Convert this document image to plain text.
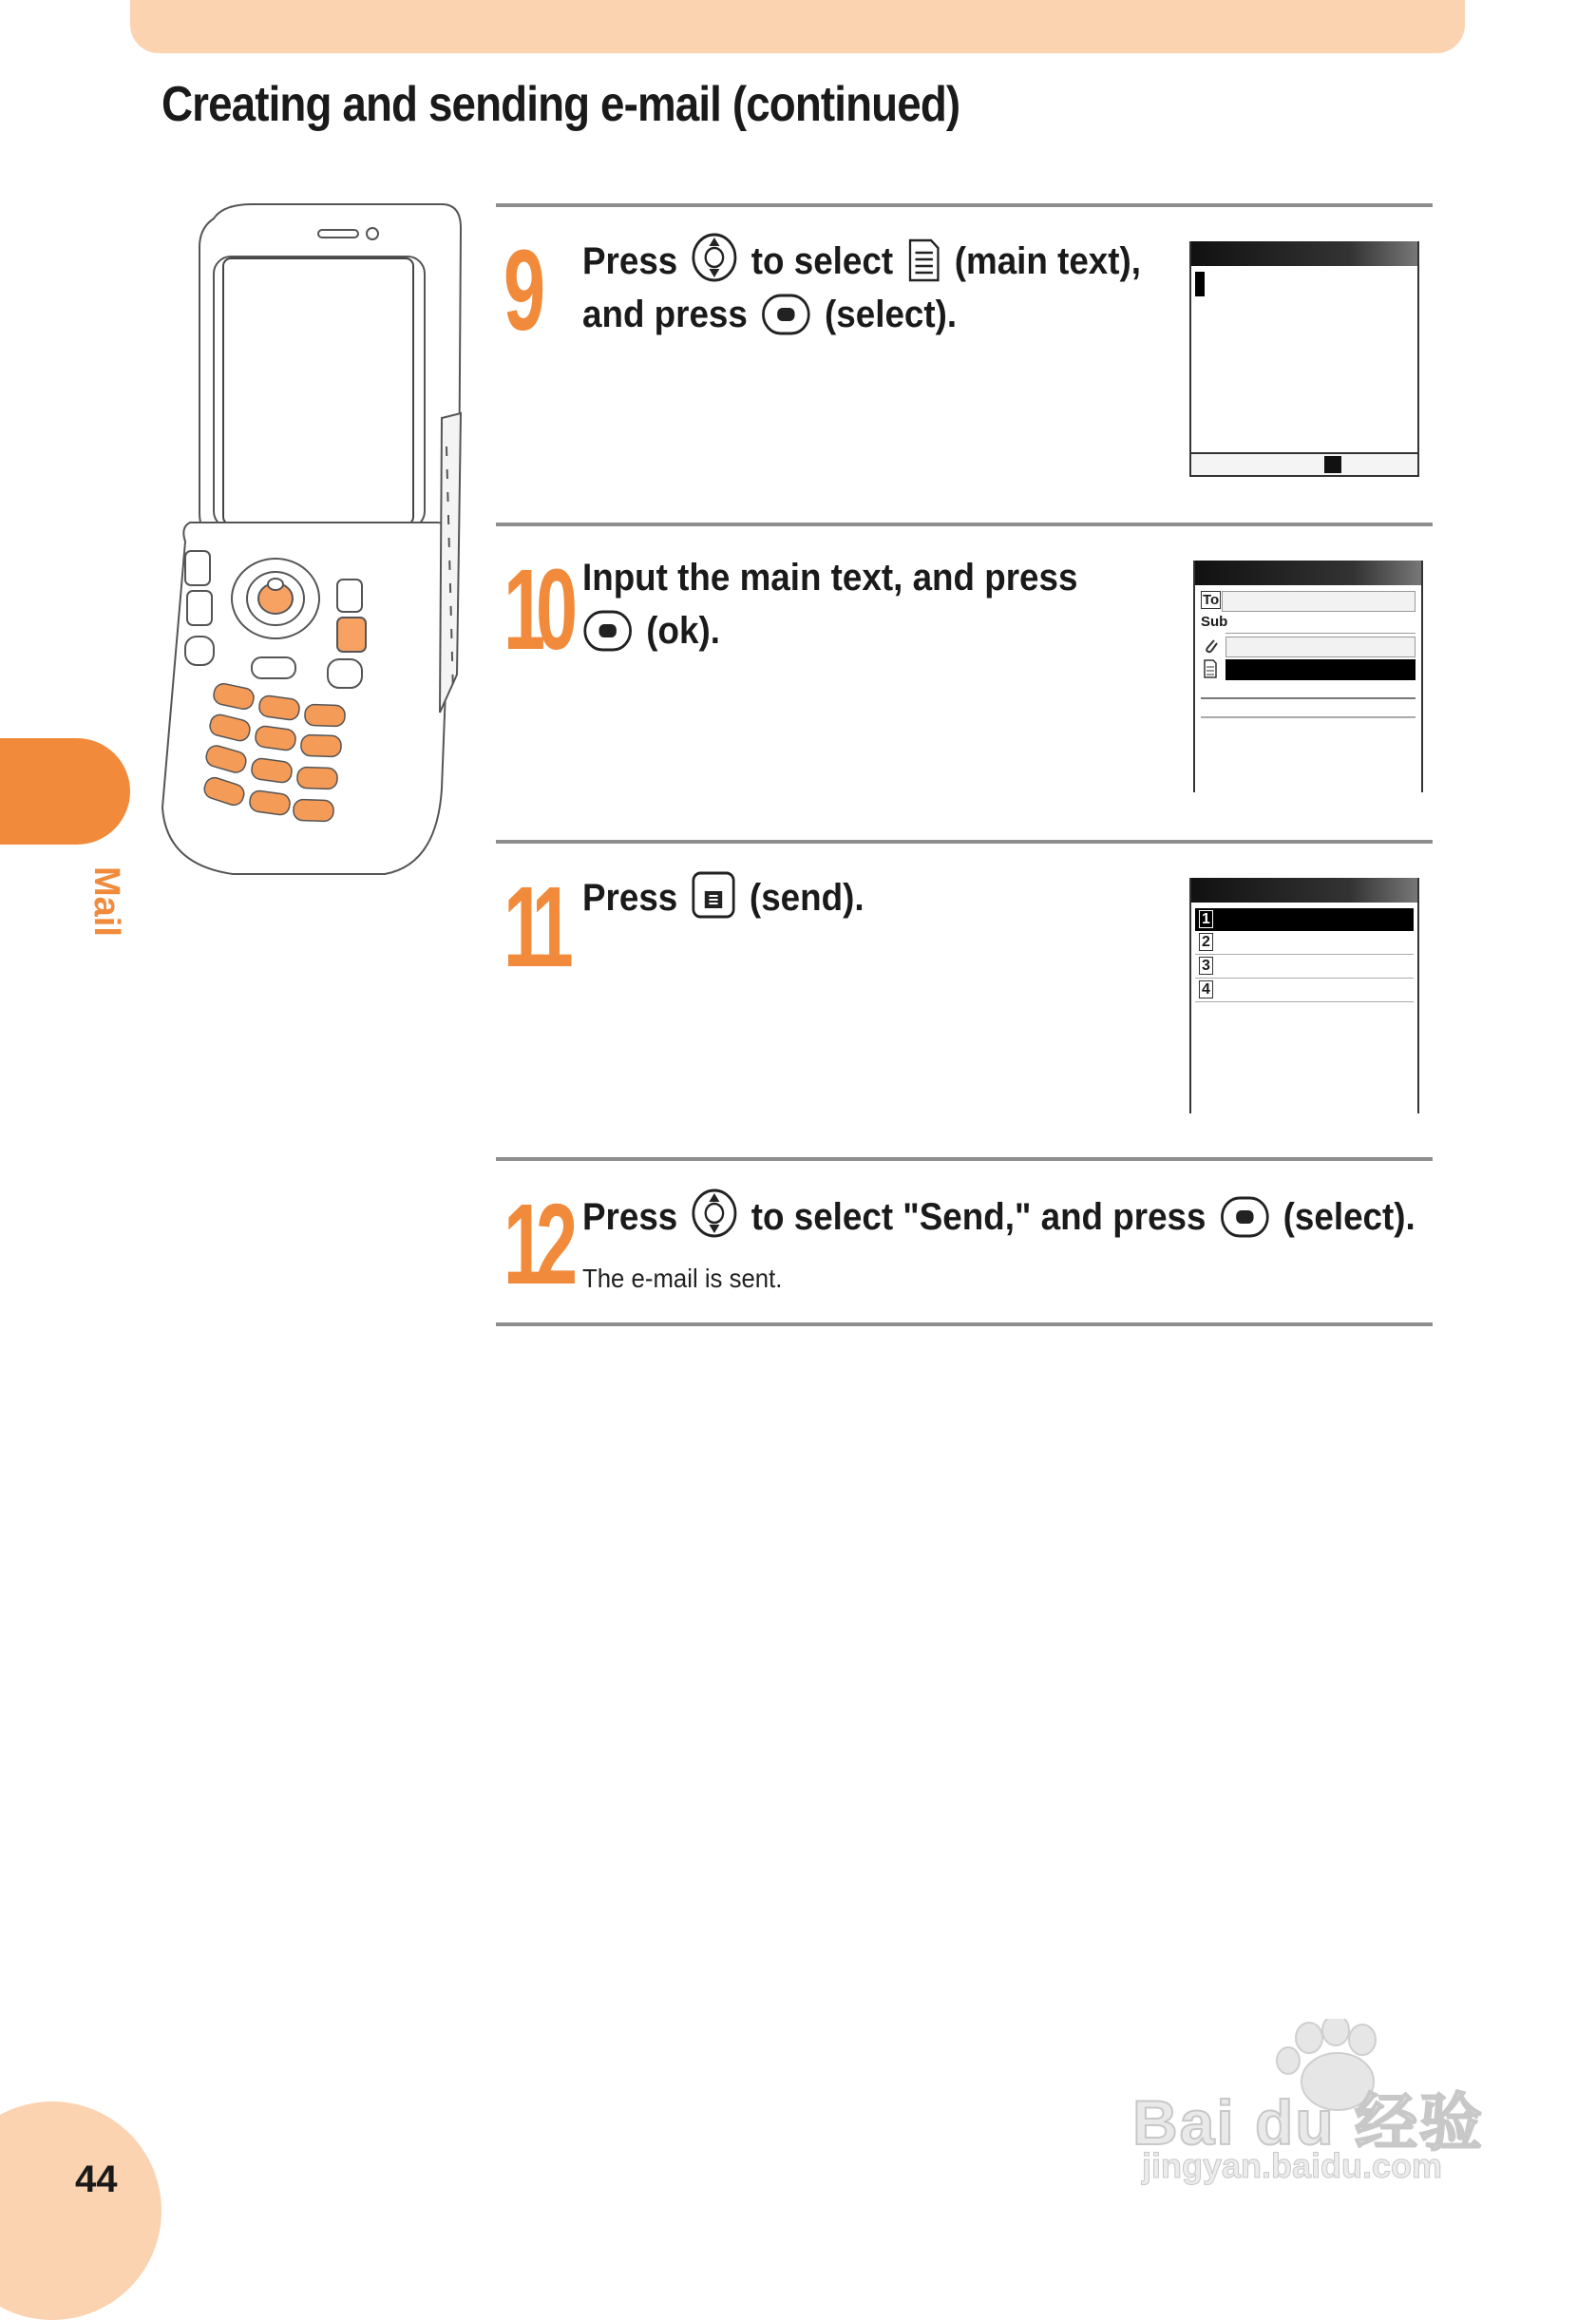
Creating and sending e-mail (continued)
Mail
44
9 Press to select (main text),
and press (select).
10 Input the main text, and press
(ok).
To
Sub
11 Press (send).
1
2
3
4
12 Press to select "Send," and press (select).
The e-mail is sent.
Bai du 经验
jingyan.baidu.com
